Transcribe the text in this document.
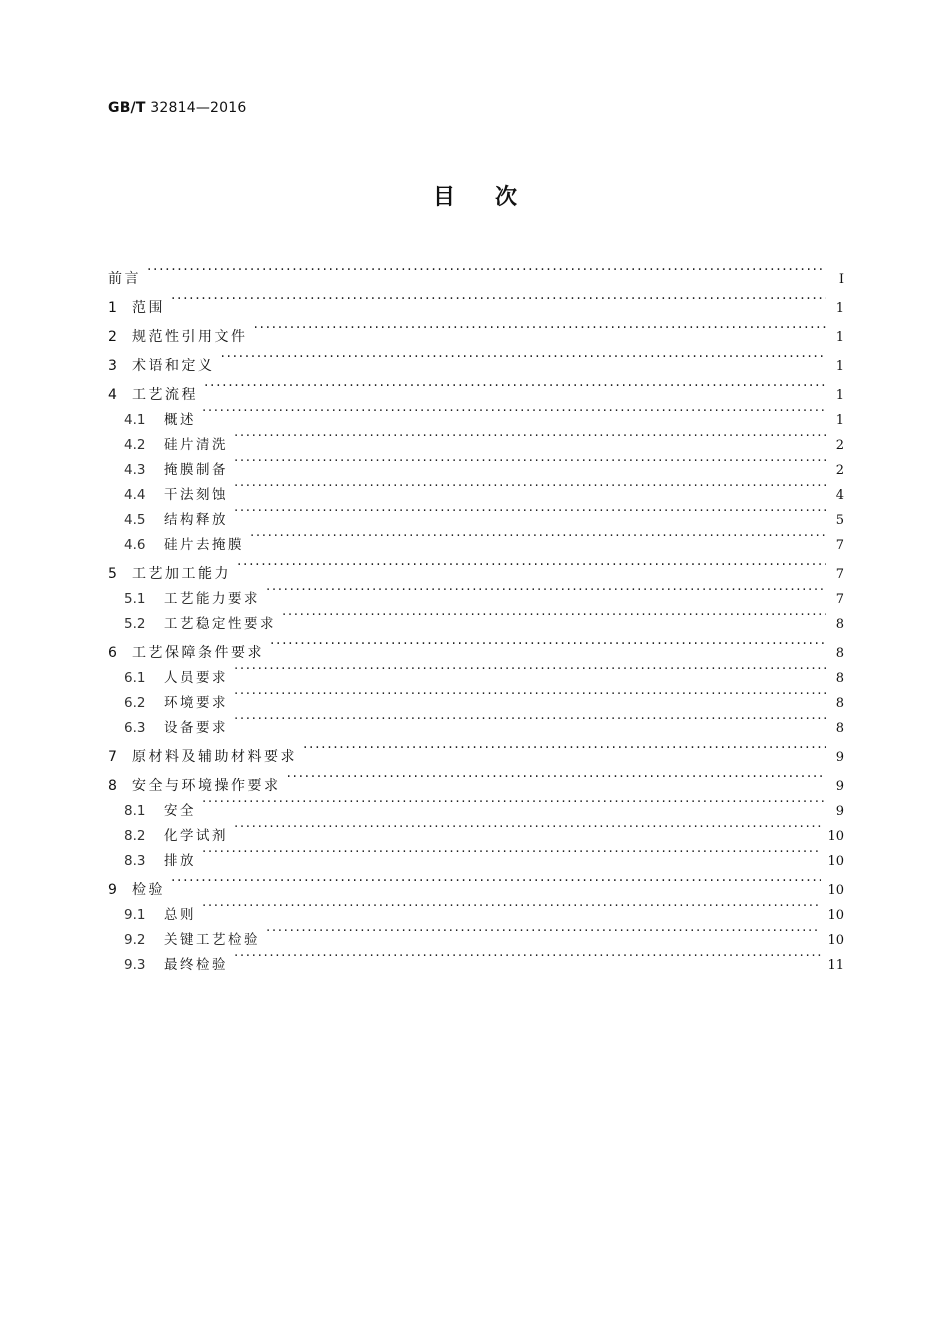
GB/T 32814—2016
目次
前言 ·····	Ⅰ
1	范围 ·····	1
2	规范性引用文件 ·····	1
3	术语和定义 ·····	1
4	工艺流程 ·····	1
4.1	概述 ·····	1
4.2	硅片清洗 ·····	2
4.3	掩膜制备 ·····	2
4.4	干法刻蚀 ·····	4
4.5	结构释放 ·····	5
4.6	硅片去掩膜 ·····	7
5	工艺加工能力 ·····	7
5.1	工艺能力要求 ·····	7
5.2	工艺稳定性要求 ·····	8
6	工艺保障条件要求 ·····	8
6.1	人员要求 ·····	8
6.2	环境要求 ·····	8
6.3	设备要求 ·····	8
7	原材料及辅助材料要求 ·····	9
8	安全与环境操作要求 ·····	9
8.1	安全 ·····	9
8.2	化学试剂 ·····	10
8.3	排放 ·····	10
9	检验 ·····	10
9.1	总则 ·····	10
9.2	关键工艺检验 ·····	10
9.3	最终检验 ·····	11
